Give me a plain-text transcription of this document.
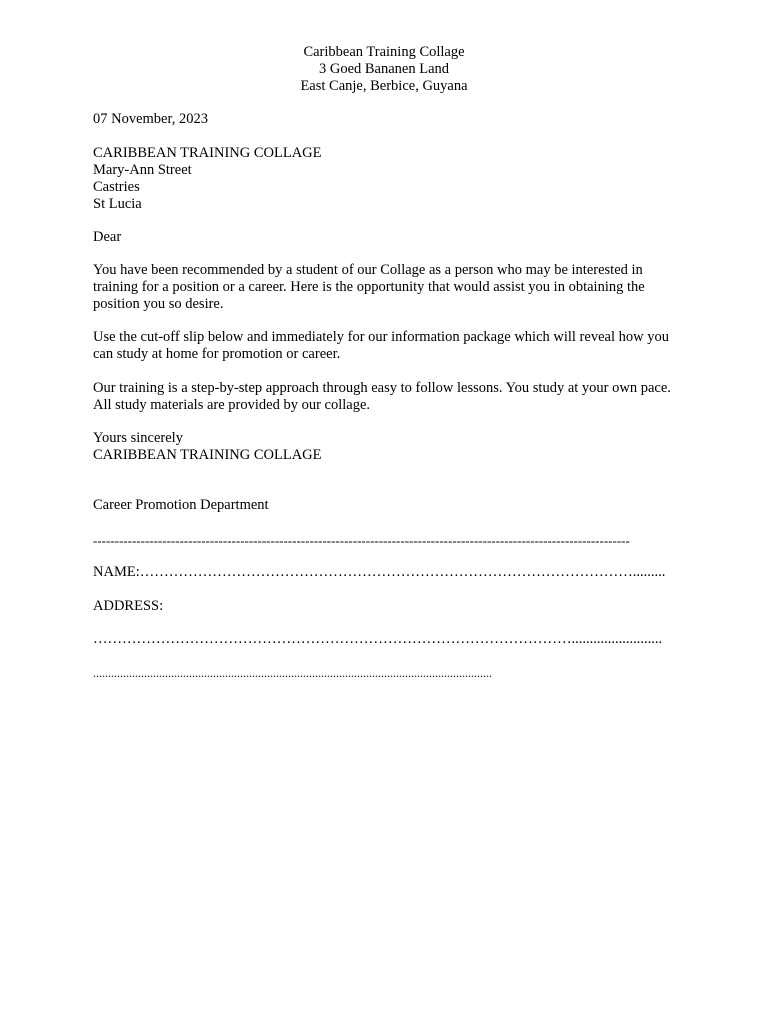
Caribbean Training Collage
3 Goed Bananen Land
East Canje, Berbice, Guyana
07 November, 2023
CARIBBEAN TRAINING COLLAGE
Mary-Ann Street
Castries
St Lucia
Dear

You have been recommended by a student of our Collage as a person who may be interested in training for a position or a career. Here is the opportunity that would assist you in obtaining the position you so desire.

Use the cut-off slip below and immediately for our information package which will reveal how you can study at home for promotion or career.

Our training is a step-by-step approach through easy to follow lessons. You study at your own pace. All study materials are provided by our collage.

Yours sincerely
CARIBBEAN TRAINING COLLAGE
Career Promotion Department
----------------------------------------------------------------------------------------------------------------------------
NAME:………………………………………………………………………………………….........
ADDRESS:
……………………………………………………………………………………….........................
.....................................................................................................................................
